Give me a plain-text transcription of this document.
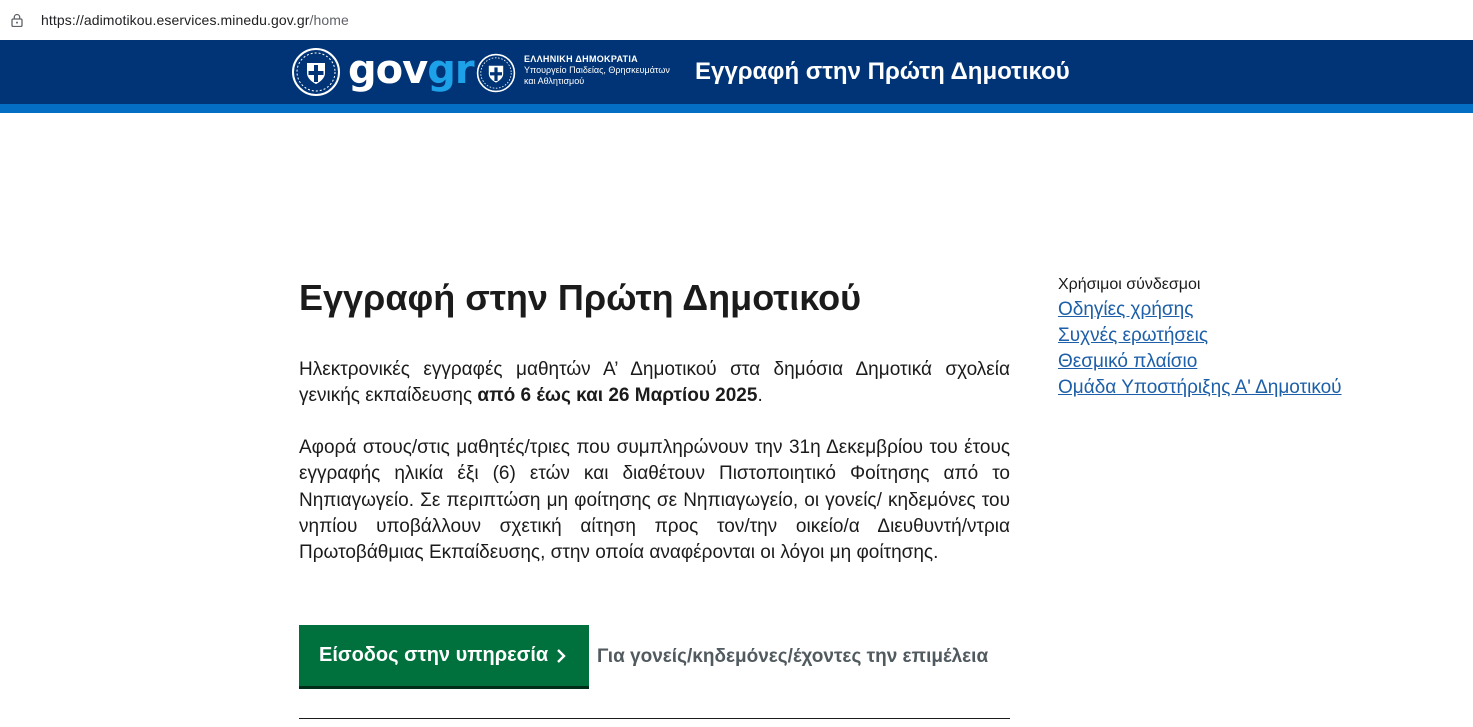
https://adimotikou.eservices.minedu.gov.gr/home
govgr	ΕΛΛΗΝΙΚΗ ΔΗΜΟΚΡΑΤΙΑ
Υπουργείο Παιδείας, Θρησκευμάτων
και Αθλητισμού	Εγγραφή στην Πρώτη Δημοτικού
Εγγραφή στην Πρώτη Δημοτικού

Ηλεκτρονικές εγγραφές μαθητών Α’ Δημοτικού στα δημόσια Δημοτικά σχολεία γενικής εκπαίδευσης από 6 έως και 26 Μαρτίου 2025.

Αφορά στους/στις μαθητές/τριες που συμπληρώνουν την 31η Δεκεμβρίου του έτους εγγραφής ηλικία έξι (6) ετών και διαθέτουν Πιστοποιητικό Φοίτησης από το Νηπιαγωγείο. Σε περιπτώση μη φοίτησης σε Νηπιαγωγείο, οι γονείς/ κηδεμόνες του νηπίου υποβάλλουν σχετική αίτηση προς τον/την οικείο/α Διευθυντή/ντρια Πρωτοβάθμιας Εκπαίδευσης, στην οποία αναφέρονται οι λόγοι μη φοίτησης.

Είσοδος στην υπηρεσία	Για γονείς/κηδεμόνες/έχοντες την επιμέλεια
Χρήσιμοι σύνδεσμοι
Οδηγίες χρήσης
Συχνές ερωτήσεις
Θεσμικό πλαίσιο
Ομάδα Υποστήριξης Α' Δημοτικού
